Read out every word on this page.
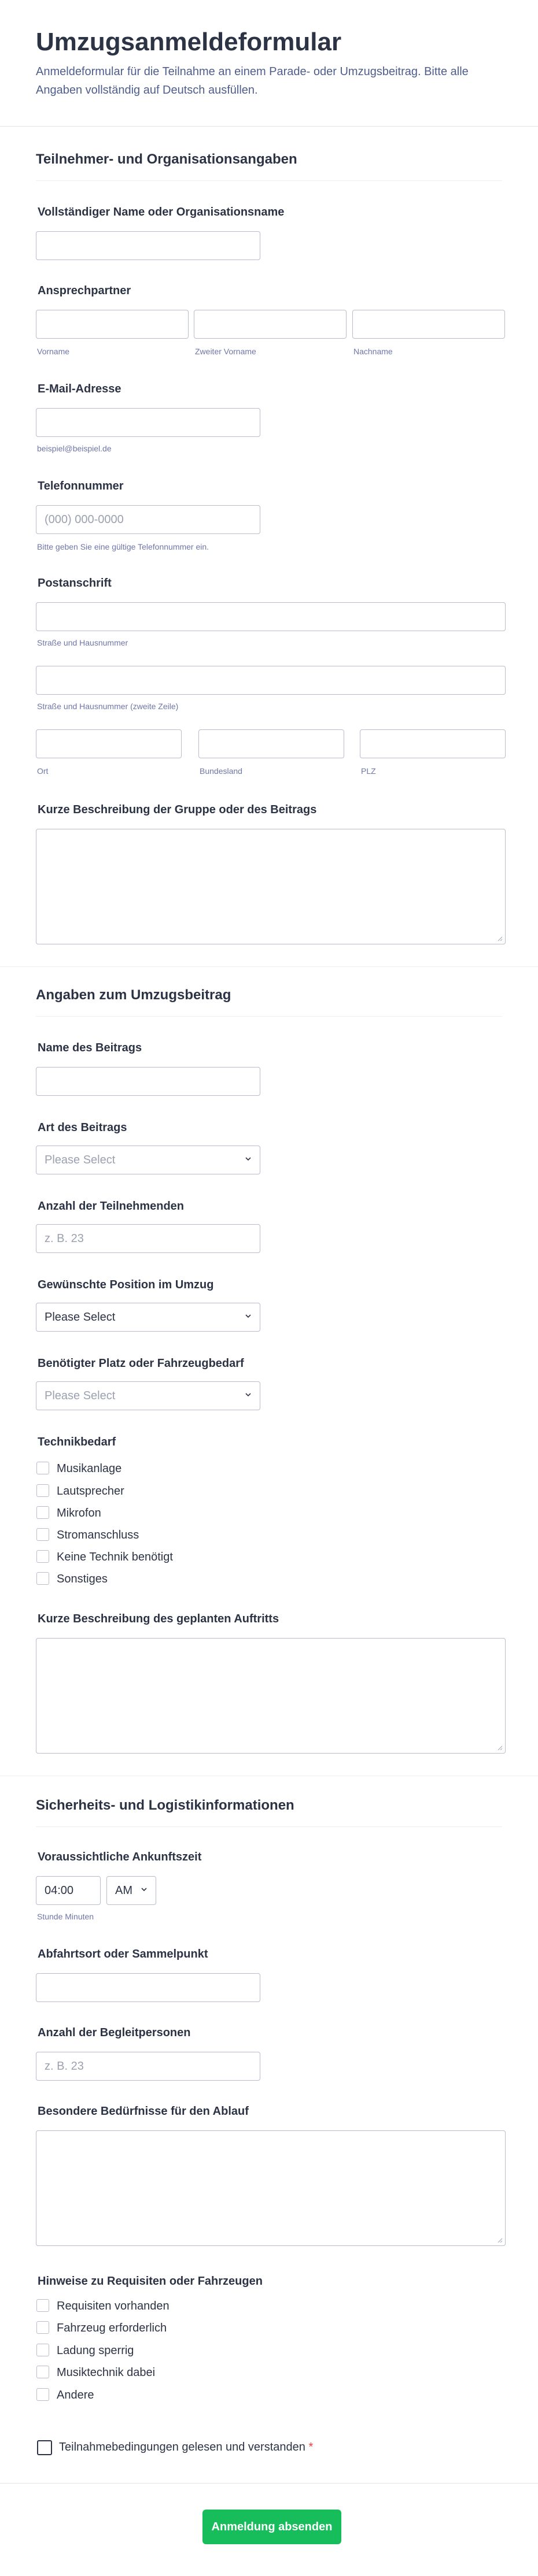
Umzugsanmeldeformular
Anmeldeformular für die Teilnahme an einem Parade- oder Umzugsbeitrag. Bitte alle Angaben vollständig auf Deutsch ausfüllen.
Teilnehmer- und Organisationsangaben
Vollständiger Name oder Organisationsname
Ansprechpartner
Vorname	Zweiter Vorname	Nachname
E-Mail-Adresse
beispiel@beispiel.de
Telefonnummer
(000) 000-0000
Bitte geben Sie eine gültige Telefonnummer ein.
Postanschrift
Straße und Hausnummer
Straße und Hausnummer (zweite Zeile)
Ort	Bundesland	PLZ
Kurze Beschreibung der Gruppe oder des Beitrags
Angaben zum Umzugsbeitrag
Name des Beitrags
Art des Beitrags
Please Select
Anzahl der Teilnehmenden
z. B. 23
Gewünschte Position im Umzug
Please Select
Benötigter Platz oder Fahrzeugbedarf
Please Select
Technikbedarf
Musikanlage
Lautsprecher
Mikrofon
Stromanschluss
Keine Technik benötigt
Sonstiges
Kurze Beschreibung des geplanten Auftritts
Sicherheits- und Logistikinformationen
Voraussichtliche Ankunftszeit
04:00	AM
Stunde Minuten
Abfahrtsort oder Sammelpunkt
Anzahl der Begleitpersonen
z. B. 23
Besondere Bedürfnisse für den Ablauf
Hinweise zu Requisiten oder Fahrzeugen
Requisiten vorhanden
Fahrzeug erforderlich
Ladung sperrig
Musiktechnik dabei
Andere
Teilnahmebedingungen gelesen und verstanden *
Anmeldung absenden
